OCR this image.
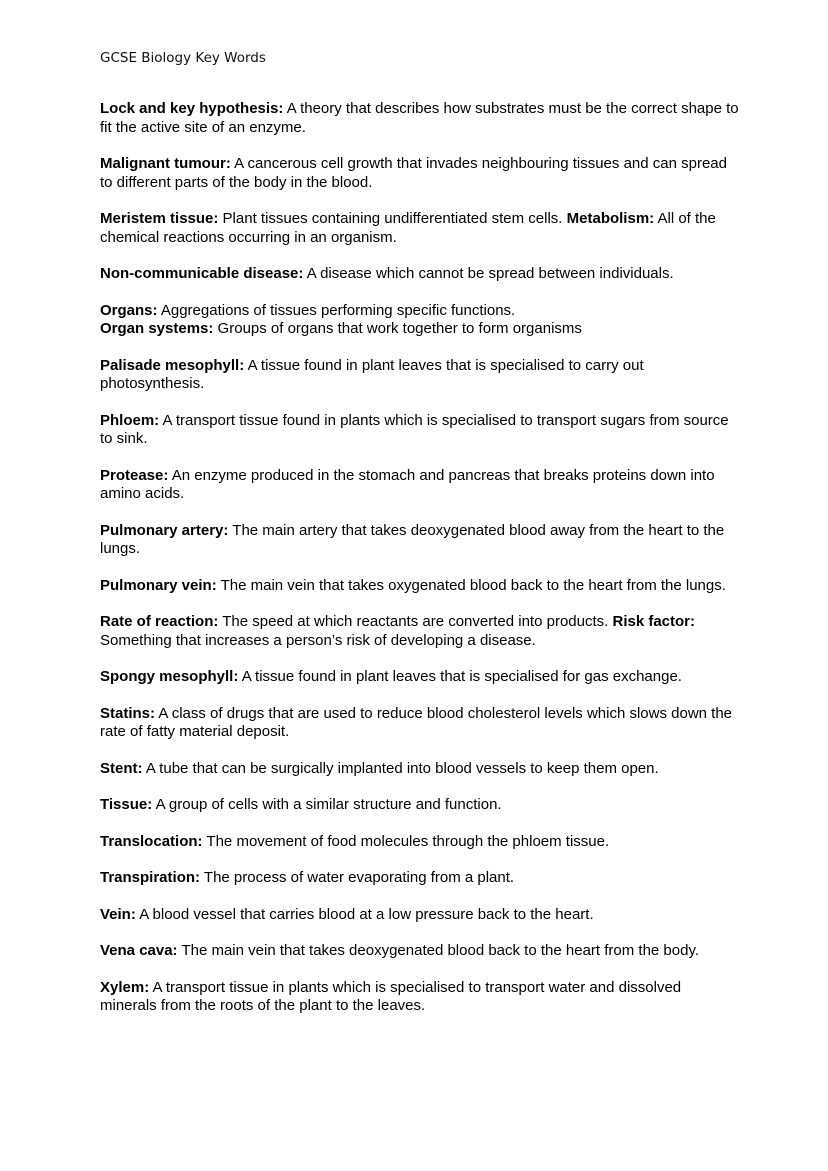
GCSE Biology Key Words

Lock and key hypothesis: A theory that describes how substrates must be the correct shape to fit the active site of an enzyme.

Malignant tumour: A cancerous cell growth that invades neighbouring tissues and can spread to different parts of the body in the blood.

Meristem tissue: Plant tissues containing undifferentiated stem cells. Metabolism: All of the chemical reactions occurring in an organism.

Non-communicable disease: A disease which cannot be spread between individuals.

Organs: Aggregations of tissues performing specific functions.
Organ systems: Groups of organs that work together to form organisms

Palisade mesophyll: A tissue found in plant leaves that is specialised to carry out photosynthesis.

Phloem: A transport tissue found in plants which is specialised to transport sugars from source to sink.

Protease: An enzyme produced in the stomach and pancreas that breaks proteins down into amino acids.

Pulmonary artery: The main artery that takes deoxygenated blood away from the heart to the lungs.

Pulmonary vein: The main vein that takes oxygenated blood back to the heart from the lungs.

Rate of reaction: The speed at which reactants are converted into products. Risk factor: Something that increases a person’s risk of developing a disease.

Spongy mesophyll: A tissue found in plant leaves that is specialised for gas exchange.

Statins: A class of drugs that are used to reduce blood cholesterol levels which slows down the rate of fatty material deposit.

Stent: A tube that can be surgically implanted into blood vessels to keep them open.

Tissue: A group of cells with a similar structure and function.

Translocation: The movement of food molecules through the phloem tissue.

Transpiration: The process of water evaporating from a plant.

Vein: A blood vessel that carries blood at a low pressure back to the heart.

Vena cava: The main vein that takes deoxygenated blood back to the heart from the body.

Xylem: A transport tissue in plants which is specialised to transport water and dissolved minerals from the roots of the plant to the leaves.
